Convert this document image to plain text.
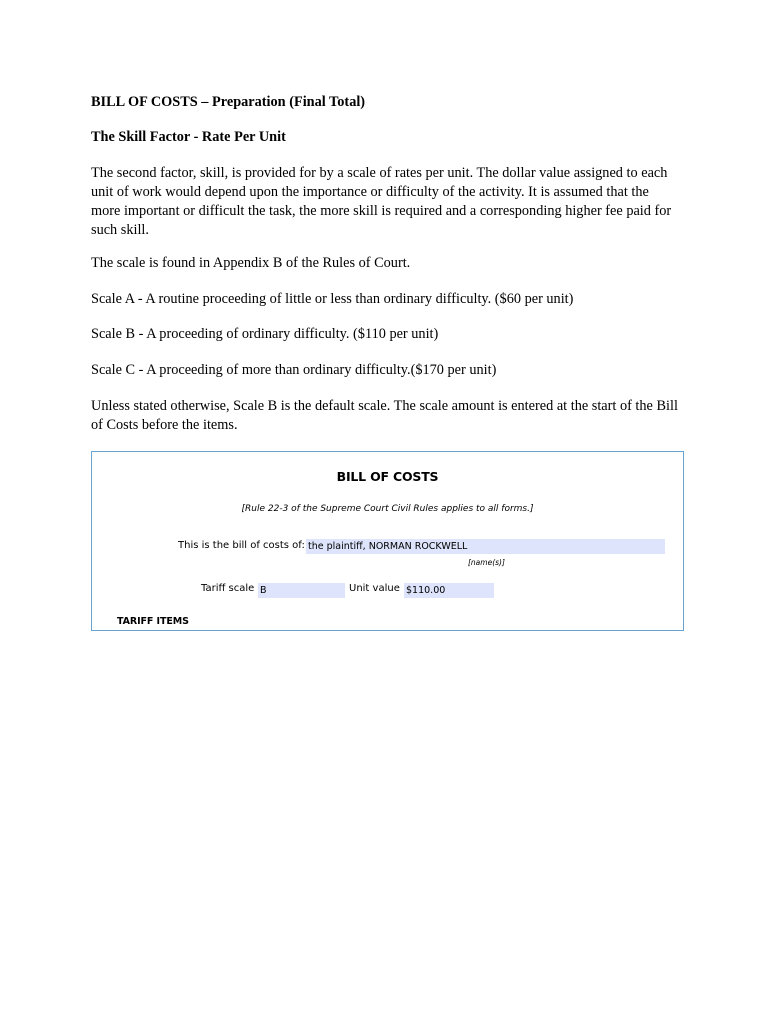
BILL OF COSTS – Preparation (Final Total)
The Skill Factor - Rate Per Unit

The second factor, skill, is provided for by a scale of rates per unit. The dollar value assigned to each unit of work would depend upon the importance or difficulty of the activity. It is assumed that the more important or difficult the task, the more skill is required and a corresponding higher fee paid for such skill.

The scale is found in Appendix B of the Rules of Court.

Scale A - A routine proceeding of little or less than ordinary difficulty. ($60 per unit)

Scale B - A proceeding of ordinary difficulty. ($110 per unit)

Scale C - A proceeding of more than ordinary difficulty.($170 per unit)

Unless stated otherwise, Scale B is the default scale. The scale amount is entered at the start of the Bill of Costs before the items.

BILL OF COSTS
[Rule 22-3 of the Supreme Court Civil Rules applies to all forms.]
This is the bill of costs of: the plaintiff, NORMAN ROCKWELL
[name(s)]
Tariff scale B	Unit value $110.00
TARIFF ITEMS
